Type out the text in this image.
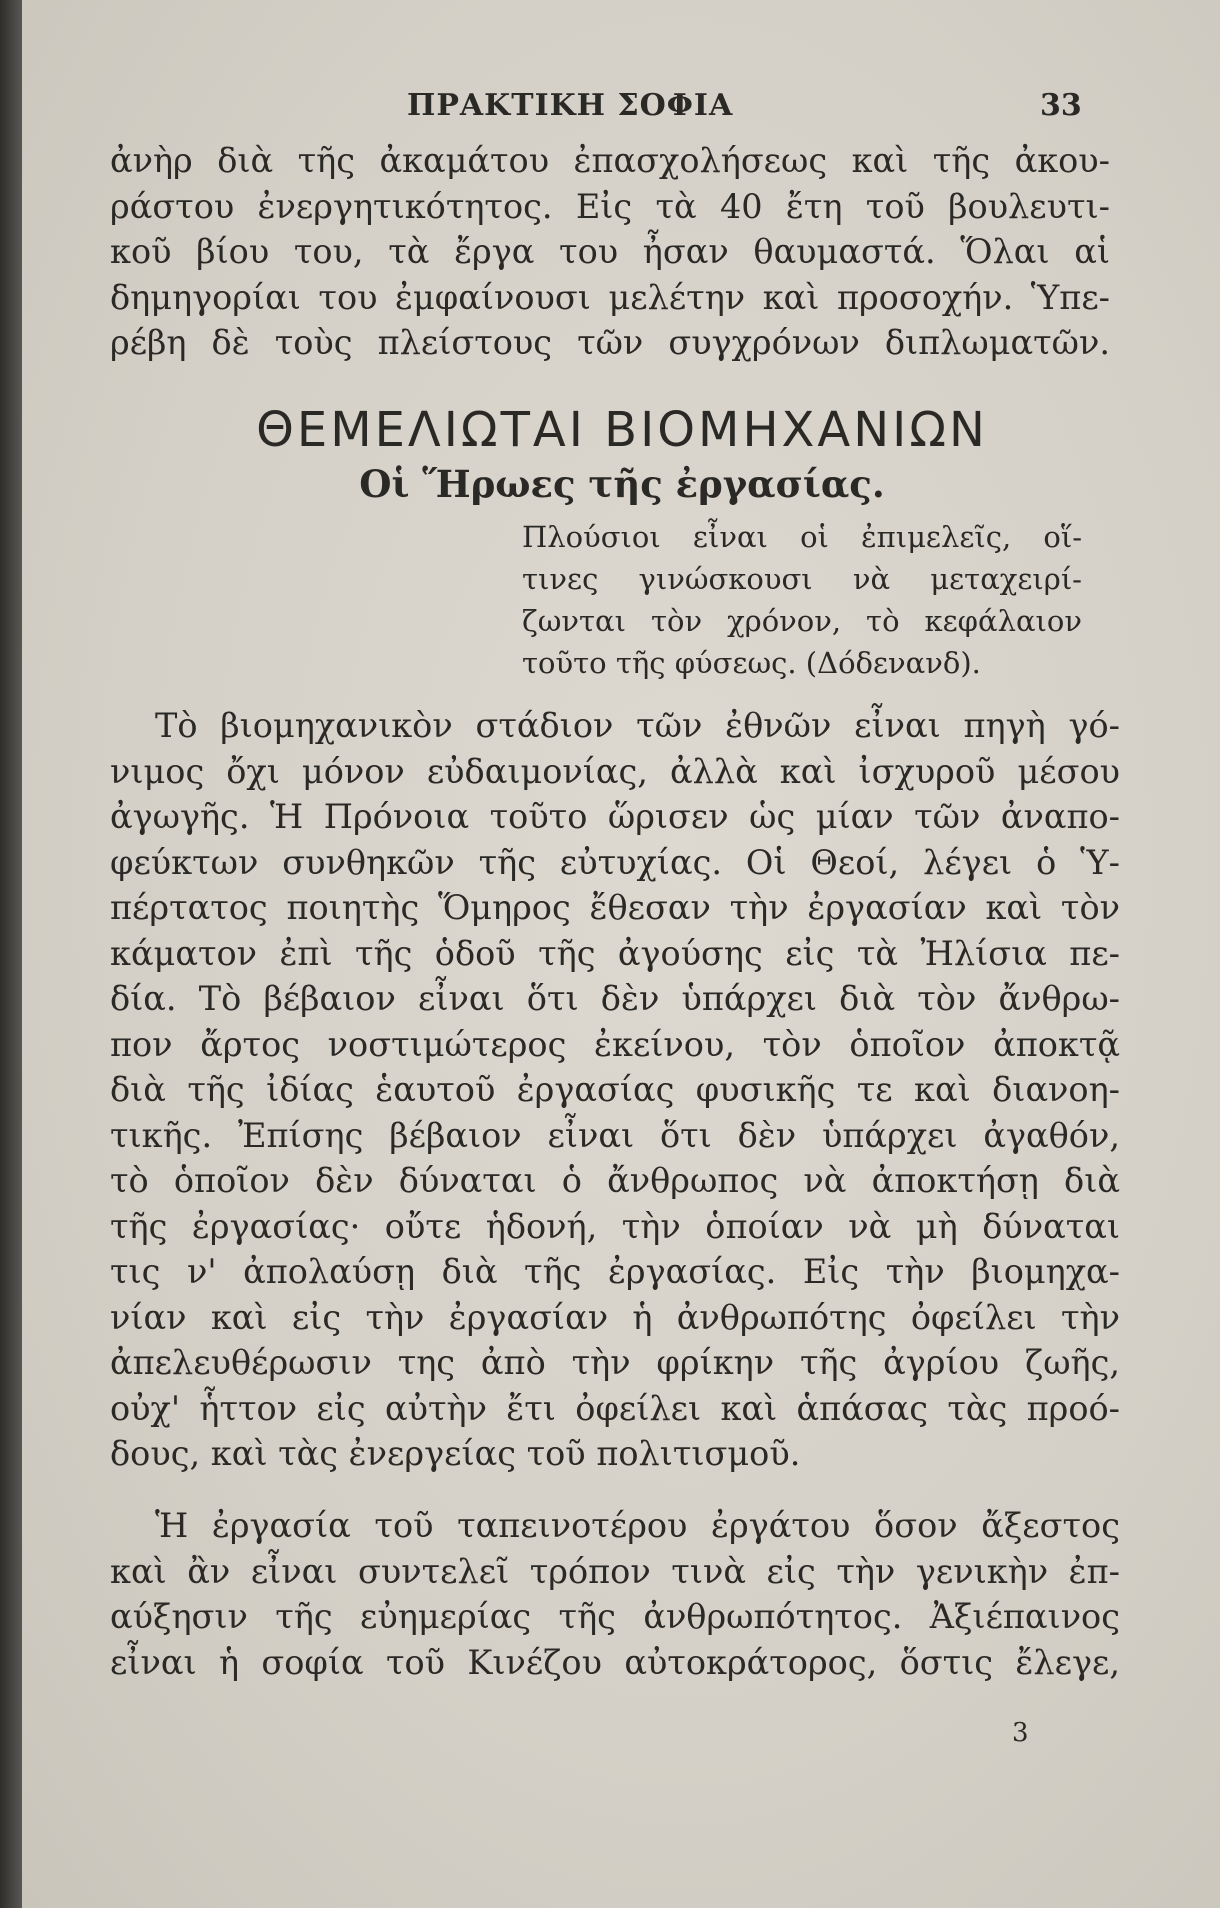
ΠΡΑΚΤΙΚΗ ΣΟΦΙΑ	33
ἀνὴρ διὰ τῆς ἀκαμάτου ἐπασχολήσεως καὶ τῆς ἀκου-
ράστου ἐνεργητικότητος. Εἰς τὰ 40 ἔτη τοῦ βουλευτι-
κοῦ βίου του, τὰ ἔργα του ἦσαν θαυμαστά. Ὅλαι αἱ
δημηγορίαι του ἐμφαίνουσι μελέτην καὶ προσοχήν. Ὑπε-
ρέβη δὲ τοὺς πλείστους τῶν συγχρόνων διπλωματῶν.
ΘΕΜΕΛΙΩΤΑΙ ΒΙΟΜΗΧΑΝΙΩΝ
Οἱ Ἥρωες τῆς ἐργασίας.
Πλούσιοι εἶναι οἱ ἐπιμελεῖς, οἵ-
τινες γινώσκουσι νὰ μεταχειρί-
ζωνται τὸν χρόνον, τὸ κεφάλαιον
τοῦτο τῆς φύσεως. (Δόδενανδ).
Τὸ βιομηχανικὸν στάδιον τῶν ἐθνῶν εἶναι πηγὴ γό-
νιμος ὄχι μόνον εὐδαιμονίας, ἀλλὰ καὶ ἰσχυροῦ μέσου
ἀγωγῆς. Ἡ Πρόνοια τοῦτο ὥρισεν ὡς μίαν τῶν ἀναπο-
φεύκτων συνθηκῶν τῆς εὐτυχίας. Οἱ Θεοί, λέγει ὁ Ὑ-
πέρτατος ποιητὴς Ὅμηρος ἔθεσαν τὴν ἐργασίαν καὶ τὸν
κάματον ἐπὶ τῆς ὁδοῦ τῆς ἀγούσης εἰς τὰ Ἠλίσια πε-
δία. Τὸ βέβαιον εἶναι ὅτι δὲν ὑπάρχει διὰ τὸν ἄνθρω-
πον ἄρτος νοστιμώτερος ἐκείνου, τὸν ὁποῖον ἀποκτᾷ
διὰ τῆς ἰδίας ἑαυτοῦ ἐργασίας φυσικῆς τε καὶ διανοη-
τικῆς. Ἐπίσης βέβαιον εἶναι ὅτι δὲν ὑπάρχει ἀγαθόν,
τὸ ὁποῖον δὲν δύναται ὁ ἄνθρωπος νὰ ἀποκτήσῃ διὰ
τῆς ἐργασίας· οὔτε ἡδονή, τὴν ὁποίαν νὰ μὴ δύναται
τις ν' ἀπολαύσῃ διὰ τῆς ἐργασίας. Εἰς τὴν βιομηχα-
νίαν καὶ εἰς τὴν ἐργασίαν ἡ ἀνθρωπότης ὀφείλει τὴν
ἀπελευθέρωσιν της ἀπὸ τὴν φρίκην τῆς ἀγρίου ζωῆς,
οὐχ' ἧττον εἰς αὐτὴν ἔτι ὀφείλει καὶ ἁπάσας τὰς προό-
δους, καὶ τὰς ἐνεργείας τοῦ πολιτισμοῦ.
Ἡ ἐργασία τοῦ ταπεινοτέρου ἐργάτου ὅσον ἄξεστος
καὶ ἂν εἶναι συντελεῖ τρόπον τινὰ εἰς τὴν γενικὴν ἐπ-
αύξησιν τῆς εὐημερίας τῆς ἀνθρωπότητος. Ἀξιέπαινος
εἶναι ἡ σοφία τοῦ Κινέζου αὐτοκράτορος, ὅστις ἔλεγε,
3
